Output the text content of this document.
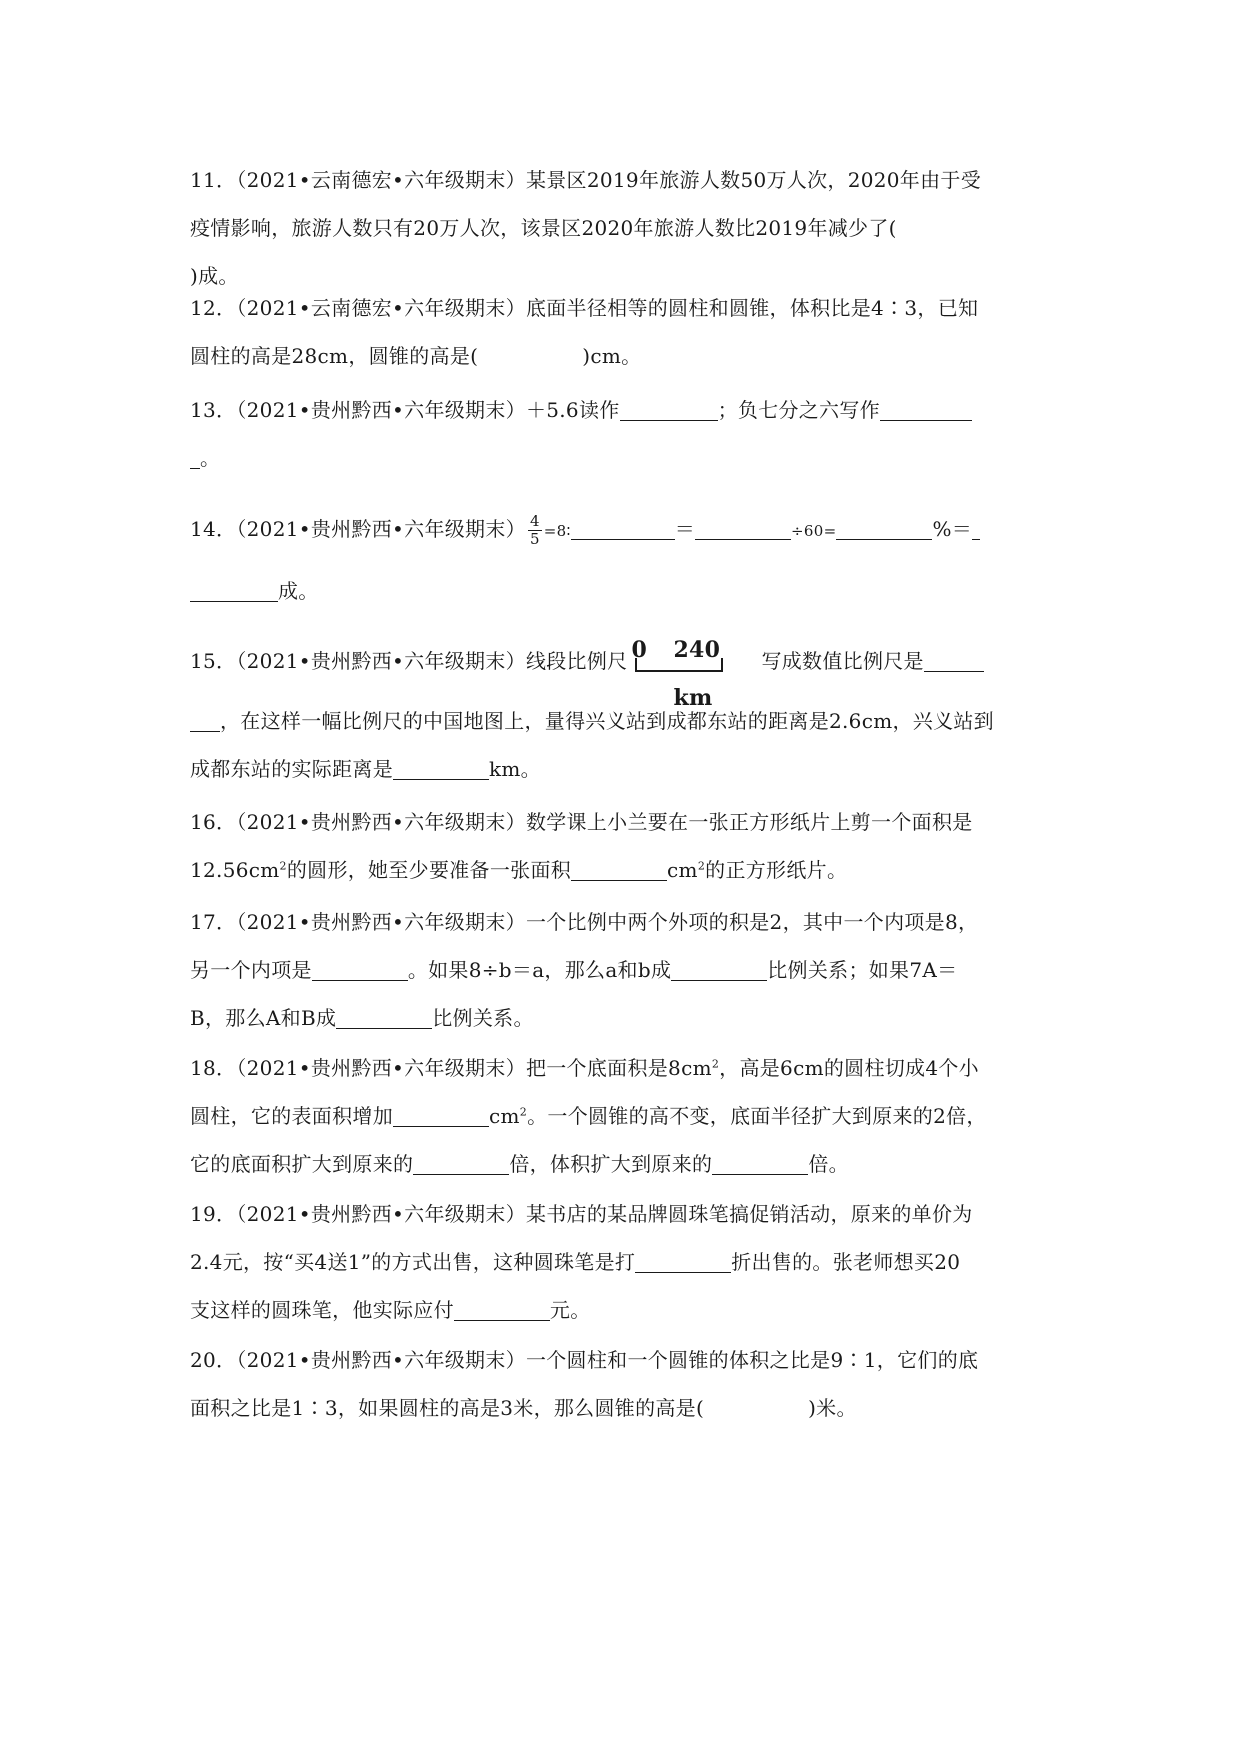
11．（2021•云南德宏•六年级期末）某景区2019年旅游人数50万人次，2020年由于受
疫情影响，旅游人数只有20万人次，该景区2020年旅游人数比2019年减少了(
)成。
12．（2021•云南德宏•六年级期末）底面半径相等的圆柱和圆锥，体积比是4∶3，已知
圆柱的高是28cm，圆锥的高是(	)cm。
13．（2021•贵州黔西•六年级期末）＋5.6读作	；负七分之六写作
。
14．（2021•贵州黔西•六年级期末） $\frac{4}{5}$ =8∶	＝	÷60=	%＝
成。
15．（2021•贵州黔西•六年级期末）线段比例尺 0 240 km
写成数值比例尺是
，在这样一幅比例尺的中国地图上，量得兴义站到成都东站的距离是2.6cm，兴义站到
成都东站的实际距离是	km。
16．（2021•贵州黔西•六年级期末）数学课上小兰要在一张正方形纸片上剪一个面积是
$12.56cm^2$的圆形，她至少要准备一张面积	$cm^2$的正方形纸片。
17．（2021•贵州黔西•六年级期末）一个比例中两个外项的积是2，其中一个内项是8，
另一个内项是	。如果8÷b＝a，那么a和b成	比例关系；如果7A＝
B，那么A和B成	比例关系。
18．（2021•贵州黔西•六年级期末）把一个底面积是$8cm^2$，高是6cm的圆柱切成4个小
圆柱，它的表面积增加	$cm^2$。一个圆锥的高不变，底面半径扩大到原来的2倍，
它的底面积扩大到原来的	倍，体积扩大到原来的	倍。
19．（2021•贵州黔西•六年级期末）某书店的某品牌圆珠笔搞促销活动，原来的单价为
2.4元，按“买4送1”的方式出售，这种圆珠笔是打	折出售的。张老师想买20
支这样的圆珠笔，他实际应付	元。
20．（2021•贵州黔西•六年级期末）一个圆柱和一个圆锥的体积之比是9∶1，它们的底
面积之比是1∶3，如果圆柱的高是3米，那么圆锥的高是(	)米。
